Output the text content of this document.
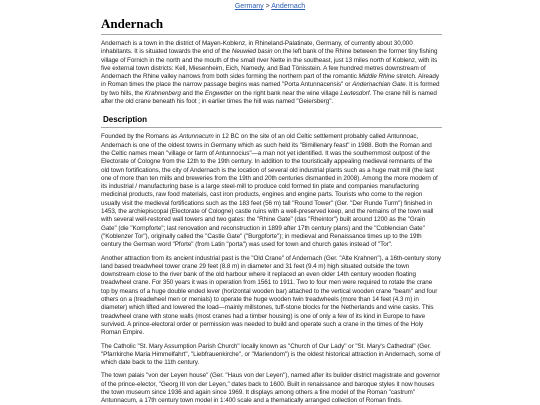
Germany > Andernach
Andernach

Andernach is a town in the district of Mayen-Koblenz, in Rhineland-Palatinate, Germany, of currently about 30,000 inhabitants. It is situated towards the end of the Neuwied basin on the left bank of the Rhine between the former tiny fishing village of Fornich in the north and the mouth of the small river Nette in the southeast, just 13 miles north of Koblenz, with its five external town districts: Kell, Miesenheim, Eich, Namedy, and Bad Tönisstein. A few hundred metres downstream of Andernach the Rhine valley narrows from both sides forming the northern part of the romantic Middle Rhine stretch. Already in Roman times the place the narrow passage begins was named "Porta Antunnacensis" or Andernachian Gate. It is formed by two hills, the Krahnenberg and the Engwetter on the right bank near the wine village Leutesdorf. The crane hill is named after the old crane beneath his foot ; in earlier times the hill was named "Geiersberg".

Description

Founded by the Romans as Antunnacum in 12 BC on the site of an old Celtic settlement probably called Antunnoac, Andernach is one of the oldest towns in Germany which as such held its "Bimillenary feast" in 1988. Both the Roman and the Celtic names mean "village or farm of Antunnocius"—a man not yet identified. It was the southernmost outpost of the Electorate of Cologne from the 12th to the 19th century. In addition to the touristically appealing medieval remnants of the old town fortifications, the city of Andernach is the location of several old industrial plants such as a huge malt mill (the last one of more than ten mills and breweries from the 19th and 20th centuries dismantled in 2008). Among the more modern of its industrial / manufacturing base is a large steel-mill to produce cold formed tin plate and companies manufacturing medicinal products, raw food materials, cast iron products, engines and engine parts. Tourists who come to the region usually visit the medieval fortifications such as the 183 feet (56 m) tall "Round Tower" (Ger. "Der Runde Turm") finished in 1453, the archiepiscopal (Electorate of Cologne) castle ruins with a well-preserved keep, and the remains of the town wall with several well-restored wall towers and two gates: the "Rhine Gate" (das "Rheintor") built around 1200 as the "Grain Gate" (die "Kornpforte"; last renovation and reconstruction in 1899 after 17th century plans) and the "Coblencian Gate" ("Koblenzer Tor"), originally called the "Castle Gate" ("Burgpforte"); in medieval and Renaissance times up to the 19th century the German word "Pforte" (from Latin "porta") was used for town and church gates instead of "Tor".

Another attraction from its ancient industrial past is the "Old Crane" of Andernach (Ger. "Alte Krahnen"), a 16th-century stony land based treadwheel tower crane 29 feet (8.8 m) in diameter and 31 feet (9.4 m) high situated outside the town downstream close to the river bank of the old harbour where it replaced an even older 14th century wooden floating treadwheel crane. For 350 years it was in operation from 1561 to 1911. Two to four men were required to rotate the crane top by means of a huge double ended lever (horizontal wooden bar) attached to the vertical wooden crane "beam" and four others on a (treadwheel men or menials) to operate the huge wooden twin treadwheels (more than 14 feet (4.3 m) in diameter) which lifted and lowered the load—mainly millstones, tuff-stone blocks for the Netherlands and wine casks. This treadwheel crane with stone walls (most cranes had a timber housing) is one of only a few of its kind in Europe to have survived. A prince-electoral order or permission was needed to build and operate such a crane in the times of the Holy Roman Empire.

The Catholic "St. Mary Assumption Parish Church" locally known as "Church of Our Lady" or "St. Mary's Cathedral" (Ger. "Pfarrkirche Maria Himmelfahrt", "Liebfrauenkirche", or "Mariendom") is the oldest historical attraction in Andernach, some of which date back to the 11th century.

The town palais "von der Leyen house" (Ger. "Haus von der Leyen"), named after its builder district magistrate and governor of the prince-elector, "Georg III von der Leyen," dates back to 1600. Built in renaissance and baroque styles it now houses the town museum since 1936 and again since 1969. It displays among others a fine model of the Roman "castrum" Antunnacum, a 17th century town model in 1:400 scale and a thematically arranged collection of Roman finds.
